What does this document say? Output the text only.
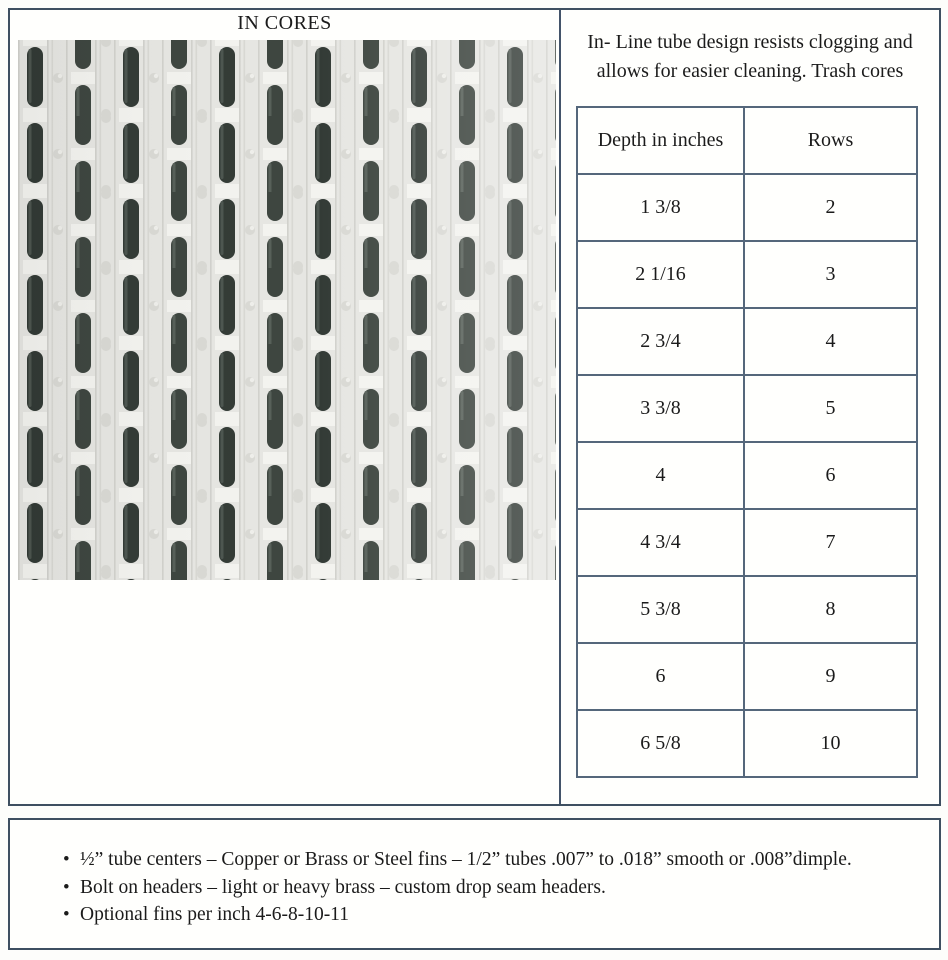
IN CORES
In- Line tube design resists clogging and
allows for easier cleaning. Trash cores
Depth in inches	Rows
1 3/8	2
2 1/16	3
2 3/4	4
3 3/8	5
4	6
4 3/4	7
5 3/8	8
6	9
6 5/8	10
• ½” tube centers – Copper or Brass or Steel fins – 1/2” tubes .007” to .018” smooth or .008”dimple.
• Bolt on headers – light or heavy brass – custom drop seam headers.
• Optional fins per inch 4-6-8-10-11
